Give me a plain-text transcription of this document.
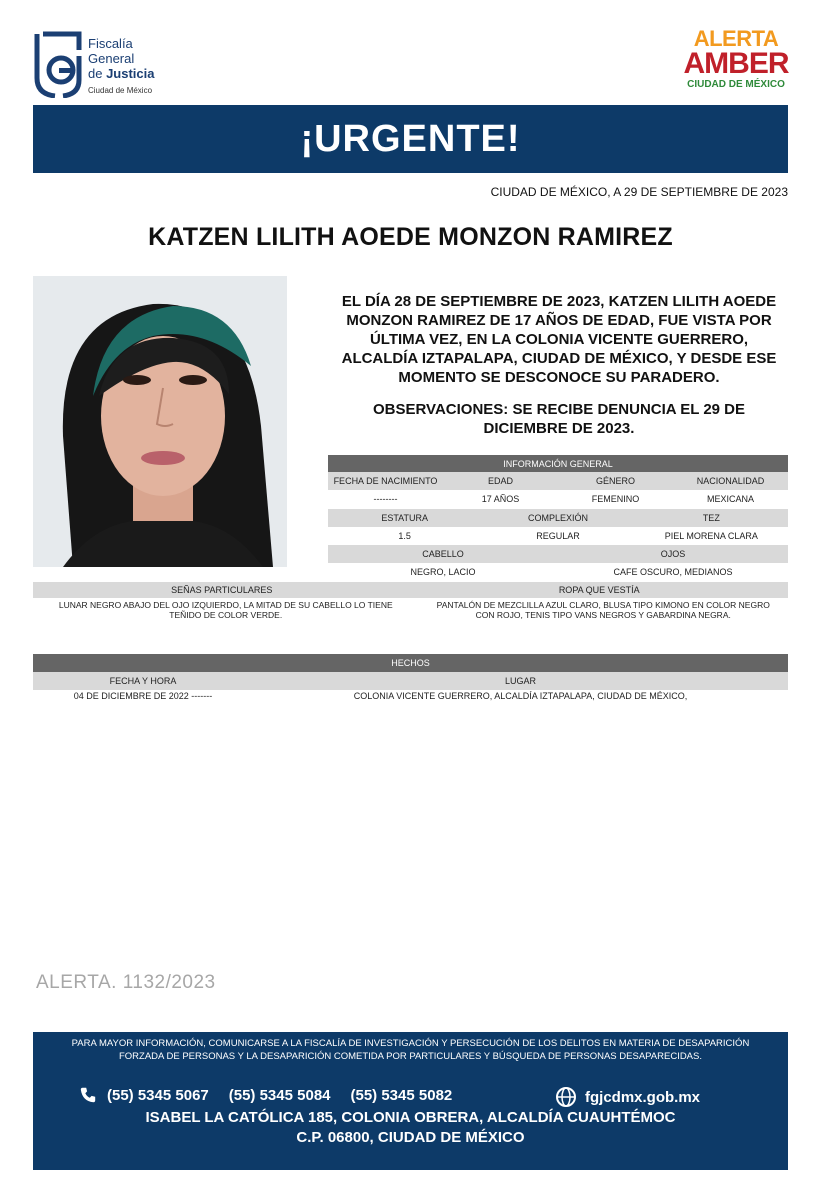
Fiscalía
General
de Justicia
Ciudad de México
ALERTA
AMBER
CIUDAD DE MÉXICO
¡URGENTE!
CIUDAD DE MÉXICO, A 29 DE SEPTIEMBRE DE 2023
KATZEN LILITH AOEDE MONZON RAMIREZ
EL DÍA 28 DE SEPTIEMBRE DE 2023, KATZEN LILITH AOEDE MONZON RAMIREZ DE 17 AÑOS DE EDAD, FUE VISTA POR ÚLTIMA VEZ, EN LA COLONIA VICENTE GUERRERO, ALCALDÍA IZTAPALAPA, CIUDAD DE MÉXICO, Y DESDE ESE MOMENTO SE DESCONOCE SU PARADERO.
OBSERVACIONES: SE RECIBE DENUNCIA EL 29 DE DICIEMBRE DE 2023.
INFORMACIÓN GENERAL
FECHA DE NACIMIENTO	EDAD	GÉNERO	NACIONALIDAD
--------	17 AÑOS	FEMENINO	MEXICANA
ESTATURA	COMPLEXIÓN	TEZ
1.5	REGULAR	PIEL MORENA CLARA
CABELLO	OJOS
NEGRO, LACIO	CAFE OSCURO, MEDIANOS
SEÑAS PARTICULARES	ROPA QUE VESTÍA
LUNAR NEGRO ABAJO DEL OJO IZQUIERDO, LA MITAD DE SU CABELLO LO TIENE TEÑIDO DE COLOR VERDE.
PANTALÓN DE MEZCLILLA AZUL CLARO, BLUSA TIPO KIMONO EN COLOR NEGRO CON ROJO, TENIS TIPO VANS NEGROS Y GABARDINA NEGRA.
HECHOS
FECHA Y HORA	LUGAR
04 DE DICIEMBRE DE 2022 -------	COLONIA VICENTE GUERRERO, ALCALDÍA IZTAPALAPA, CIUDAD DE MÉXICO,
ALERTA. 1132/2023
PARA MAYOR INFORMACIÓN, COMUNICARSE A LA FISCALÍA DE INVESTIGACIÓN Y PERSECUCIÓN DE LOS DELITOS EN MATERIA DE DESAPARICIÓN FORZADA DE PERSONAS Y LA DESAPARICIÓN COMETIDA POR PARTICULARES Y BÚSQUEDA DE PERSONAS DESAPARECIDAS.
(55) 5345 5067 (55) 5345 5084 (55) 5345 5082	fgjcdmx.gob.mx
ISABEL LA CATÓLICA 185, COLONIA OBRERA, ALCALDÍA CUAUHTÉMOC
C.P. 06800, CIUDAD DE MÉXICO
